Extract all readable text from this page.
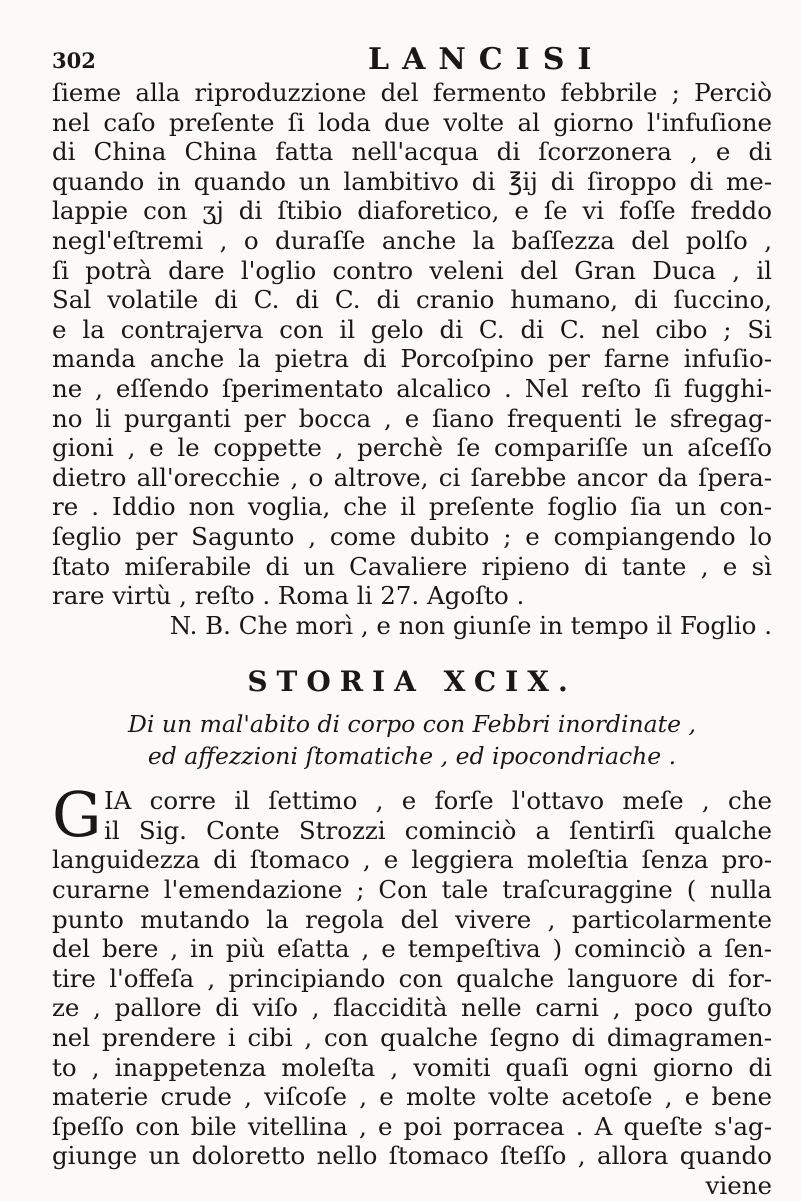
302	LANCISI
ſieme alla riproduzzione del fermento febbrile ; Perciò
nel caſo preſente ſi loda due volte al giorno l'infuſione
di China China fatta nell'acqua di ſcorzonera , e di
quando in quando un lambitivo di ℥ij di ſiroppo di me-
lappie con ʒj di ſtibio diaforetico, e ſe vi foſſe freddo
negl'eſtremi , o duraſſe anche la baſſezza del polſo ,
ſi potrà dare l'oglio contro veleni del Gran Duca , il
Sal volatile di C. di C. di cranio humano, di ſuccino,
e la contrajerva con il gelo di C. di C. nel cibo ; Si
manda anche la pietra di Porcoſpino per farne infuſio-
ne , eſſendo ſperimentato alcalico . Nel reſto ſi fugghi-
no li purganti per bocca , e ſiano frequenti le sfregag-
gioni , e le coppette , perchè ſe compariſſe un aſceſſo
dietro all'orecchie , o altrove, ci ſarebbe ancor da ſpera-
re . Iddio non voglia, che il preſente foglio ſia un con-
ſeglio per Sagunto , come dubito ; e compiangendo lo
ſtato miſerabile di un Cavaliere ripieno di tante , e sì
rare virtù , reſto . Roma li 27. Agoſto .
N. B. Che morì , e non giunſe in tempo il Foglio .
STORIA XCIX.
Di un mal'abito di corpo con Febbri inordinate ,
ed affezzioni ſtomatiche , ed ipocondriache .
G IA corre il ſettimo , e forſe l'ottavo meſe , che
il Sig. Conte Strozzi cominciò a ſentirſi qualche
languidezza di ſtomaco , e leggiera moleſtia ſenza pro-
curarne l'emendazione ; Con tale traſcuraggine ( nulla
punto mutando la regola del vivere , particolarmente
del bere , in più eſatta , e tempeſtiva ) cominciò a ſen-
tire l'offeſa , principiando con qualche languore di for-
ze , pallore di viſo , flaccidità nelle carni , poco guſto
nel prendere i cibi , con qualche ſegno di dimagramen-
to , inappetenza moleſta , vomiti quaſi ogni giorno di
materie crude , viſcoſe , e molte volte acetoſe , e bene
ſpeſſo con bile vitellina , e poi porracea . A queſte s'ag-
giunge un doloretto nello ſtomaco ſteſſo , allora quando
viene
